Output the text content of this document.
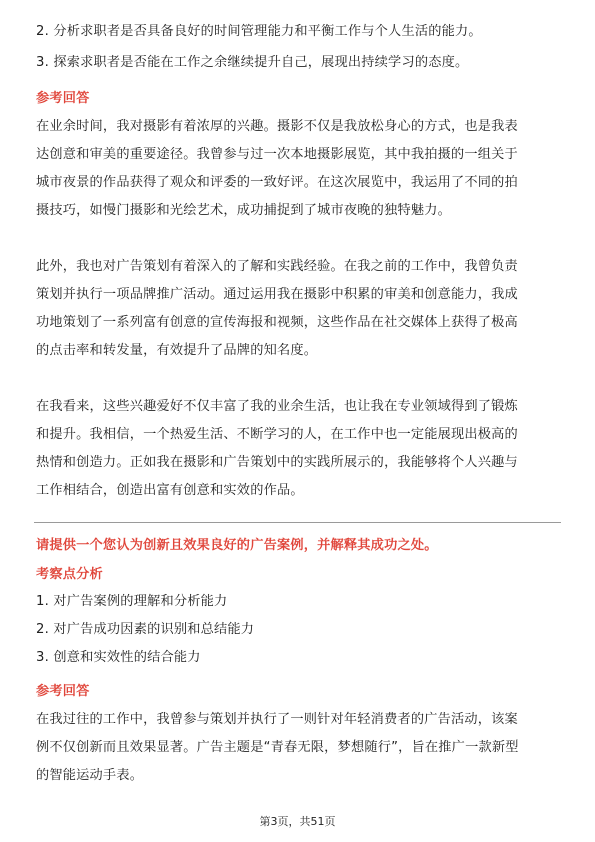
2. 分析求职者是否具备良好的时间管理能力和平衡工作与个人生活的能力。
3. 探索求职者是否能在工作之余继续提升自己，展现出持续学习的态度。
参考回答
在业余时间，我对摄影有着浓厚的兴趣。摄影不仅是我放松身心的方式，也是我表
达创意和审美的重要途径。我曾参与过一次本地摄影展览，其中我拍摄的一组关于
城市夜景的作品获得了观众和评委的一致好评。在这次展览中，我运用了不同的拍
摄技巧，如慢门摄影和光绘艺术，成功捕捉到了城市夜晚的独特魅力。
此外，我也对广告策划有着深入的了解和实践经验。在我之前的工作中，我曾负责
策划并执行一项品牌推广活动。通过运用我在摄影中积累的审美和创意能力，我成
功地策划了一系列富有创意的宣传海报和视频，这些作品在社交媒体上获得了极高
的点击率和转发量，有效提升了品牌的知名度。
在我看来，这些兴趣爱好不仅丰富了我的业余生活，也让我在专业领域得到了锻炼
和提升。我相信，一个热爱生活、不断学习的人，在工作中也一定能展现出极高的
热情和创造力。正如我在摄影和广告策划中的实践所展示的，我能够将个人兴趣与
工作相结合，创造出富有创意和实效的作品。
请提供一个您认为创新且效果良好的广告案例，并解释其成功之处。
考察点分析
1. 对广告案例的理解和分析能力
2. 对广告成功因素的识别和总结能力
3. 创意和实效性的结合能力
参考回答
在我过往的工作中，我曾参与策划并执行了一则针对年轻消费者的广告活动，该案
例不仅创新而且效果显著。广告主题是“青春无限，梦想随行”，旨在推广一款新型
的智能运动手表。
第3页，共51页
